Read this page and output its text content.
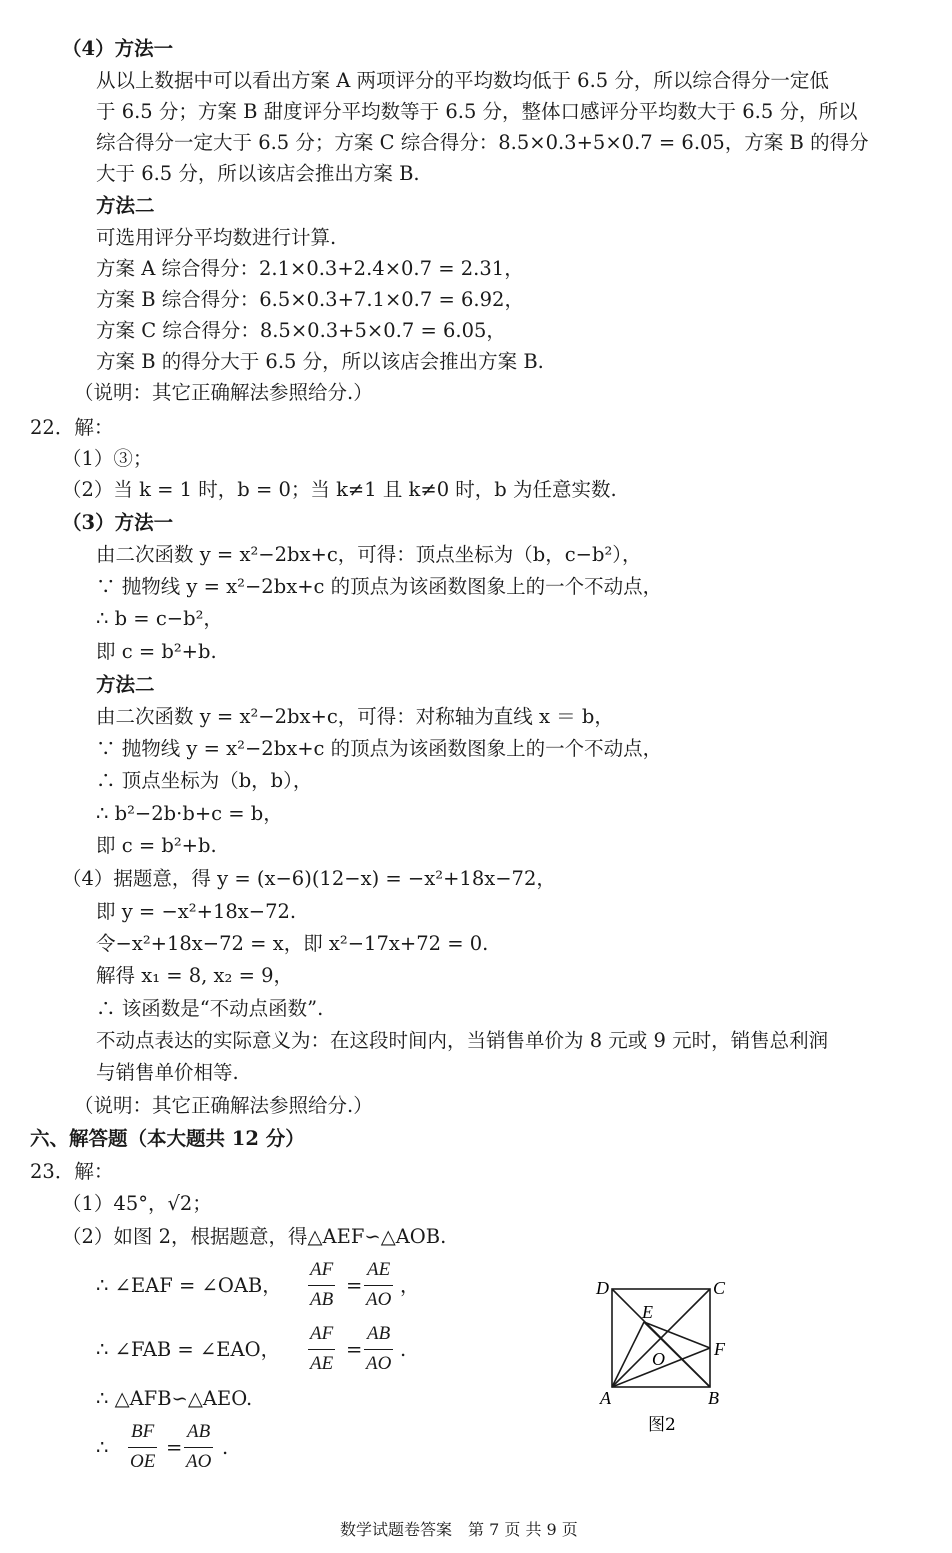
（4）方法一
从以上数据中可以看出方案 A 两项评分的平均数均低于 6.5 分，所以综合得分一定低
于 6.5 分；方案 B 甜度评分平均数等于 6.5 分，整体口感评分平均数大于 6.5 分，所以
综合得分一定大于 6.5 分；方案 C 综合得分：8.5×0.3+5×0.7 = 6.05，方案 B 的得分
大于 6.5 分，所以该店会推出方案 B.
方法二
可选用评分平均数进行计算.
方案 A 综合得分：2.1×0.3+2.4×0.7 = 2.31，
方案 B 综合得分：6.5×0.3+7.1×0.7 = 6.92，
方案 C 综合得分：8.5×0.3+5×0.7 = 6.05，
方案 B 的得分大于 6.5 分，所以该店会推出方案 B.
（说明：其它正确解法参照给分.）
22．解：
（1）③；
（2）当 k = 1 时，b = 0；当 k≠1 且 k≠0 时，b 为任意实数.
（3）方法一
由二次函数 y = x²−2bx+c，可得：顶点坐标为（b，c−b²），
∵ 抛物线 y = x²−2bx+c 的顶点为该函数图象上的一个不动点，
∴ b = c−b²，
即 c = b²+b.
方法二
由二次函数 y = x²−2bx+c，可得：对称轴为直线 x ＝ b，
∵ 抛物线 y = x²−2bx+c 的顶点为该函数图象上的一个不动点，
∴ 顶点坐标为（b，b），
∴ b²−2b·b+c = b，
即 c = b²+b.
（4）据题意，得 y = (x−6)(12−x) = −x²+18x−72，
即 y = −x²+18x−72.
令−x²+18x−72 = x，即 x²−17x+72 = 0.
解得 x₁ = 8, x₂ = 9，
∴ 该函数是“不动点函数”.
不动点表达的实际意义为：在这段时间内，当销售单价为 8 元或 9 元时，销售总利润
与销售单价相等.
（说明：其它正确解法参照给分.）
六、解答题（本大题共 12 分）
23．解：
（1）45°，√2；
（2）如图 2，根据题意，得△AEF∽△AOB.
∴ ∠EAF = ∠OAB，
AF
AB
=
AE
AO
，
∴ ∠FAB = ∠EAO，
AF
AE
=
AB
AO
.
∴ △AFB∽△AEO.
∴
BF
OE
=
AB
AO
.
D	C
E
F
O
A	B
图2
数学试题卷答案　第 7 页 共 9 页
